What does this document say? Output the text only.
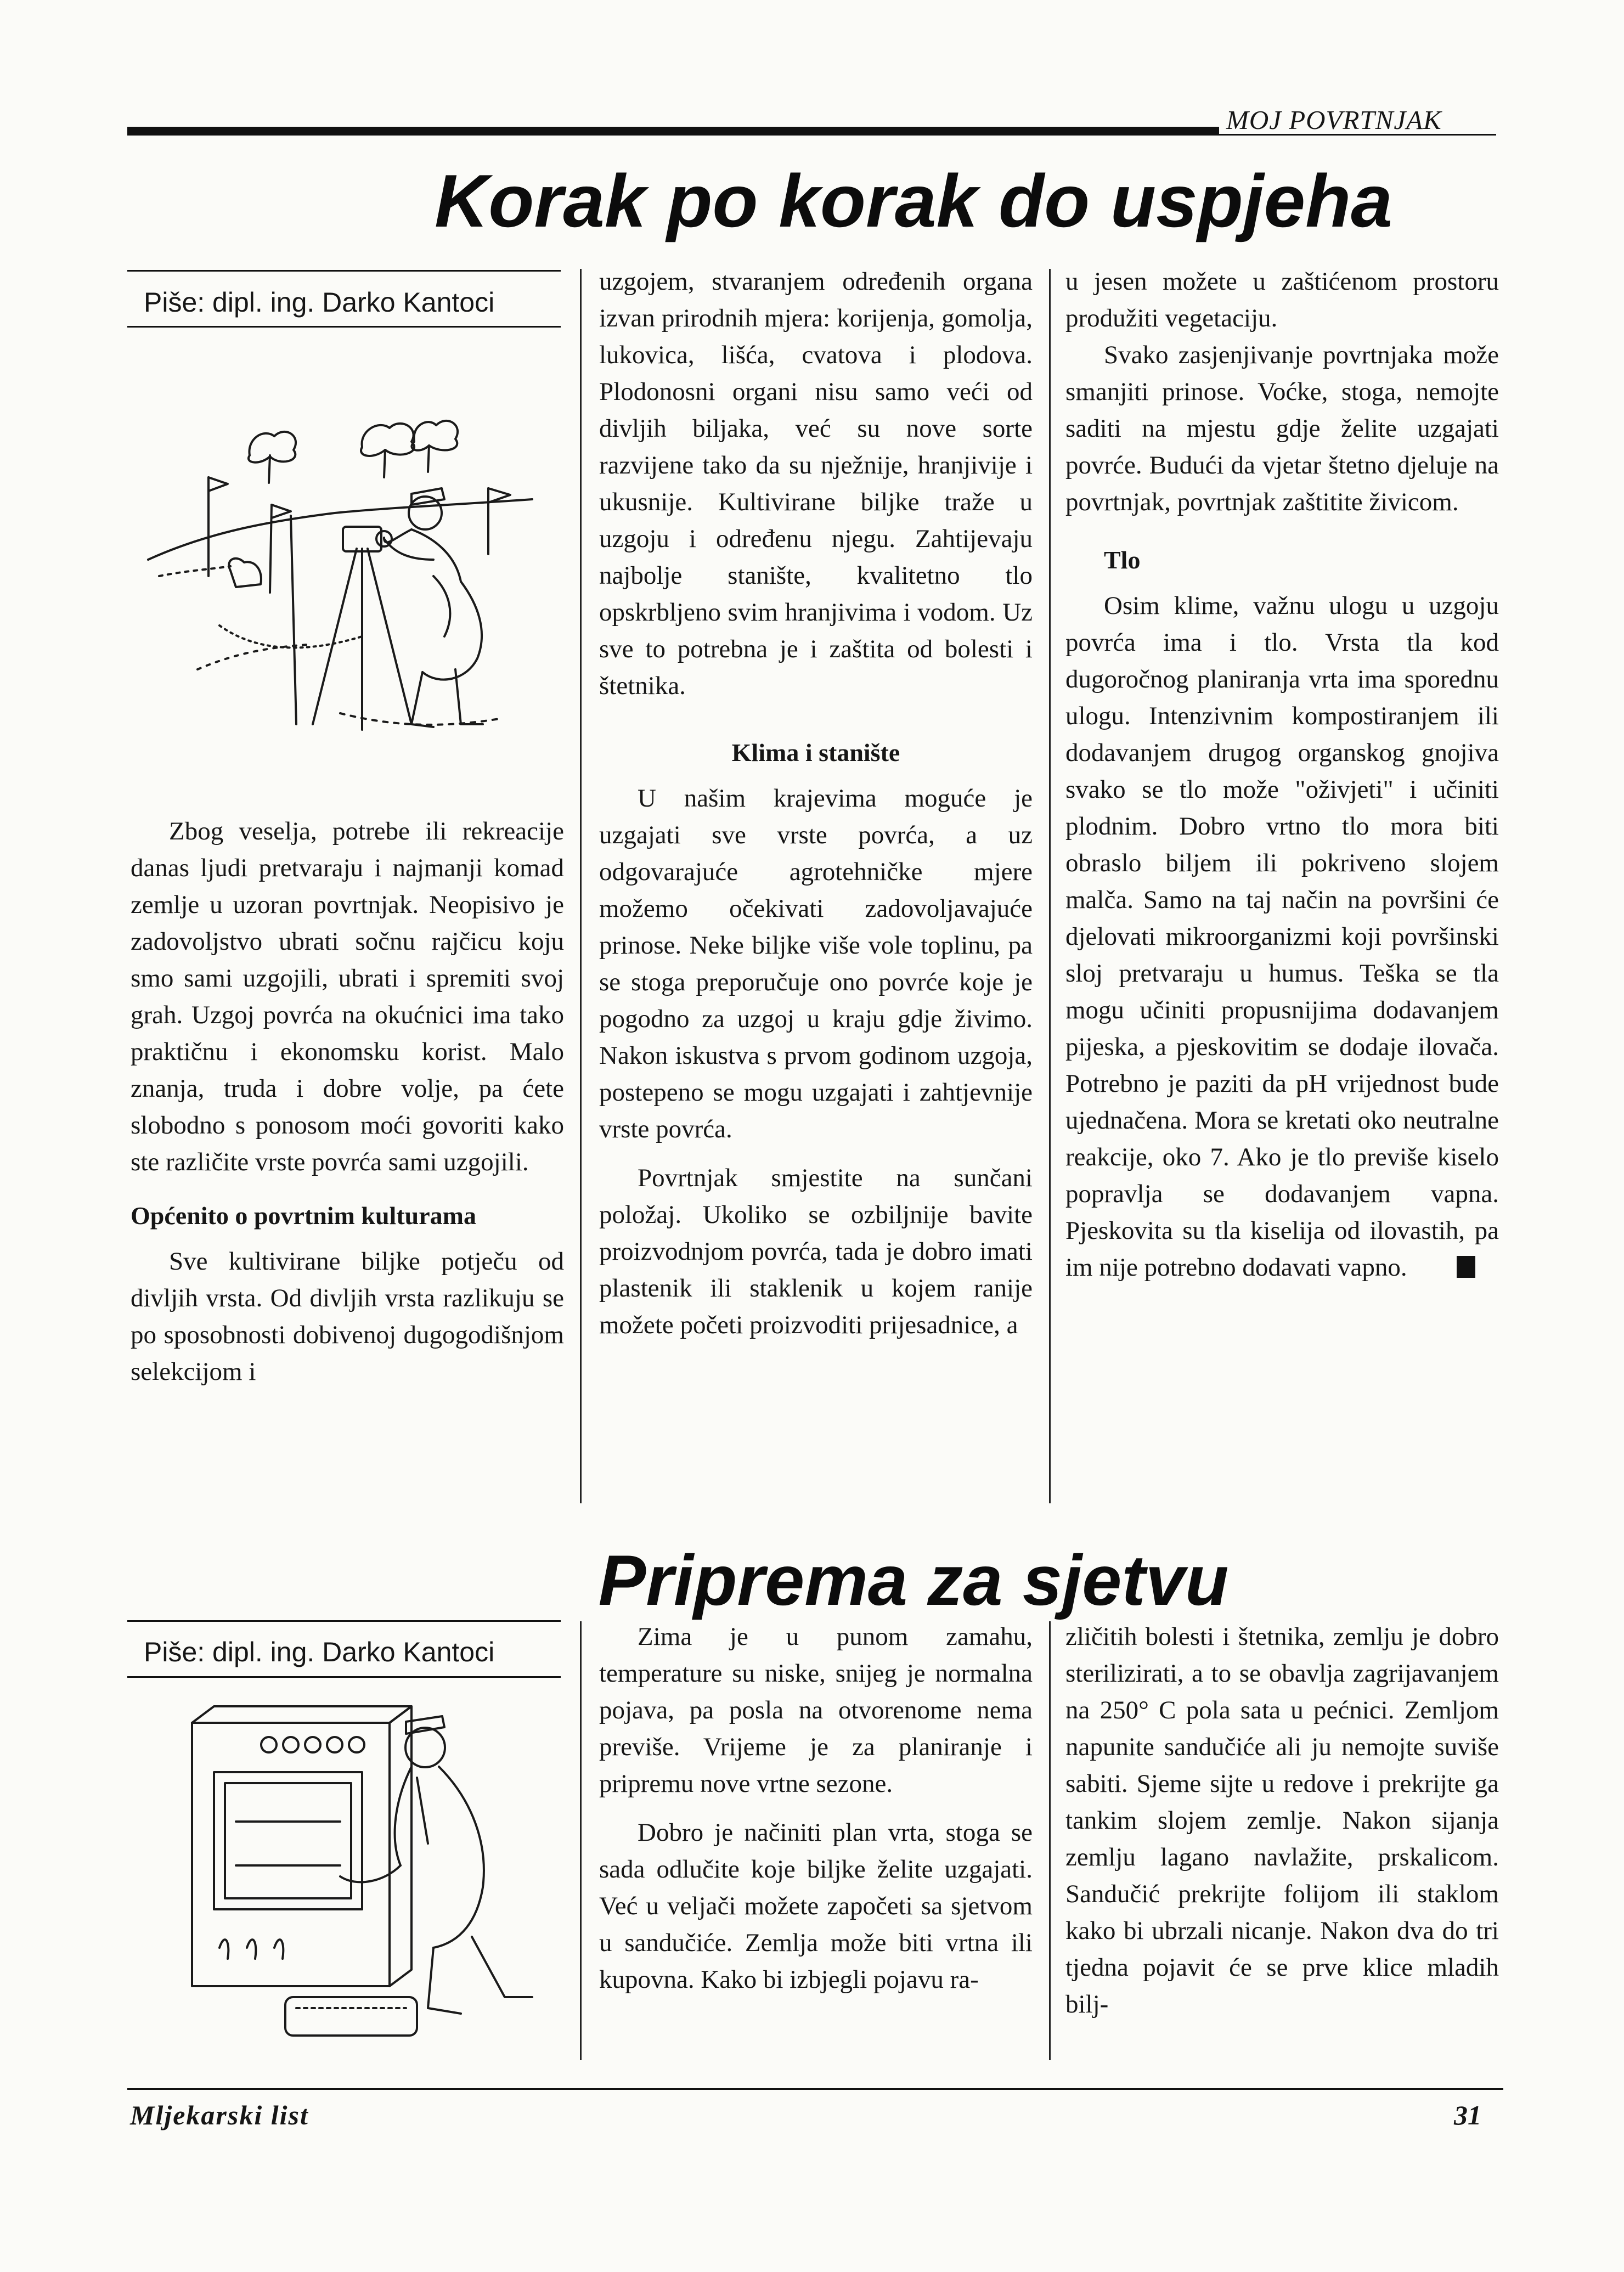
MOJ POVRTNJAK
Korak po korak do uspjeha
Piše: dipl. ing. Darko Kantoci

Zbog veselja, potrebe ili rekreacije danas ljudi pretvaraju i najmanji komad zemlje u uzoran povrtnjak. Neopisivo je zadovoljstvo ubrati sočnu rajčicu koju smo sami uzgojili, ubrati i spremiti svoj grah. Uzgoj povrća na okućnici ima tako praktičnu i ekonomsku korist. Malo znanja, truda i dobre volje, pa ćete slobodno s ponosom moći govoriti kako ste različite vrste povrća sami uzgojili.

Općenito o povrtnim kulturama

Sve kultivirane biljke potječu od divljih vrsta. Od divljih vrsta razlikuju se po sposobnosti dobivenoj dugogodišnjom selekcijom i

uzgojem, stvaranjem određenih organa izvan prirodnih mjera: korijenja, gomolja, lukovica, lišća, cvatova i plodova. Plodonosni organi nisu samo veći od divljih biljaka, već su nove sorte razvijene tako da su nježnije, hranjivije i ukusnije. Kultivirane biljke traže u uzgoju i određenu njegu. Zahtijevaju najbolje stanište, kvalitetno tlo opskrbljeno svim hranjivima i vodom. Uz sve to potrebna je i zaštita od bolesti i štetnika.

Klima i stanište

U našim krajevima moguće je uzgajati sve vrste povrća, a uz odgovarajuće agrotehničke mjere možemo očekivati zadovoljavajuće prinose. Neke biljke više vole toplinu, pa se stoga preporučuje ono povrće koje je pogodno za uzgoj u kraju gdje živimo. Nakon iskustva s prvom godinom uzgoja, postepeno se mogu uzgajati i zahtjevnije vrste povrća.

Povrtnjak smjestite na sunčani položaj. Ukoliko se ozbiljnije bavite proizvodnjom povrća, tada je dobro imati plastenik ili staklenik u kojem ranije možete početi proizvoditi prijesadnice, a

u jesen možete u zaštićenom prostoru produžiti vegetaciju.

Svako zasjenjivanje povrtnjaka može smanjiti prinose. Voćke, stoga, nemojte saditi na mjestu gdje želite uzgajati povrće. Budući da vjetar štetno djeluje na povrtnjak, povrtnjak zaštitite živicom.

Tlo

Osim klime, važnu ulogu u uzgoju povrća ima i tlo. Vrsta tla kod dugoročnog planiranja vrta ima sporednu ulogu. Intenzivnim kompostiranjem ili dodavanjem drugog organskog gnojiva svako se tlo može "oživjeti" i učiniti plodnim. Dobro vrtno tlo mora biti obraslo biljem ili pokriveno slojem malča. Samo na taj način na površini će djelovati mikroorganizmi koji površinski sloj pretvaraju u humus. Teška se tla mogu učiniti propusnijima dodavanjem pijeska, a pjeskovitim se dodaje ilovača. Potrebno je paziti da pH vrijednost bude ujednačena. Mora se kretati oko neutralne reakcije, oko 7. Ako je tlo previše kiselo popravlja se dodavanjem vapna. Pjeskovita su tla kiselija od ilovastih, pa im nije potrebno dodavati vapno.

Priprema za sjetvu
Piše: dipl. ing. Darko Kantoci	Zima je u punom zamahu, temperature su niske, snijeg je normalna pojava, pa posla na otvorenome nema previše. Vrijeme je za planiranje i pripremu nove vrtne sezone.

Dobro je načiniti plan vrta, stoga se sada odlučite koje biljke želite uzgajati. Već u veljači možete započeti sa sjetvom u sandučiće. Zemlja može biti vrtna ili kupovna. Kako bi izbjegli pojavu ra-

zličitih bolesti i štetnika, zemlju je dobro sterilizirati, a to se obavlja zagrijavanjem na 250° C pola sata u pećnici. Zemljom napunite sandučiće ali ju nemojte suviše sabiti. Sjeme sijte u redove i prekrijte ga tankim slojem zemlje. Nakon sijanja zemlju lagano navlažite, prskalicom. Sandučić prekrijte folijom ili staklom kako bi ubrzali nicanje. Nakon dva do tri tjedna pojavit će se prve klice mladih bilj-

Mljekarski list	31
